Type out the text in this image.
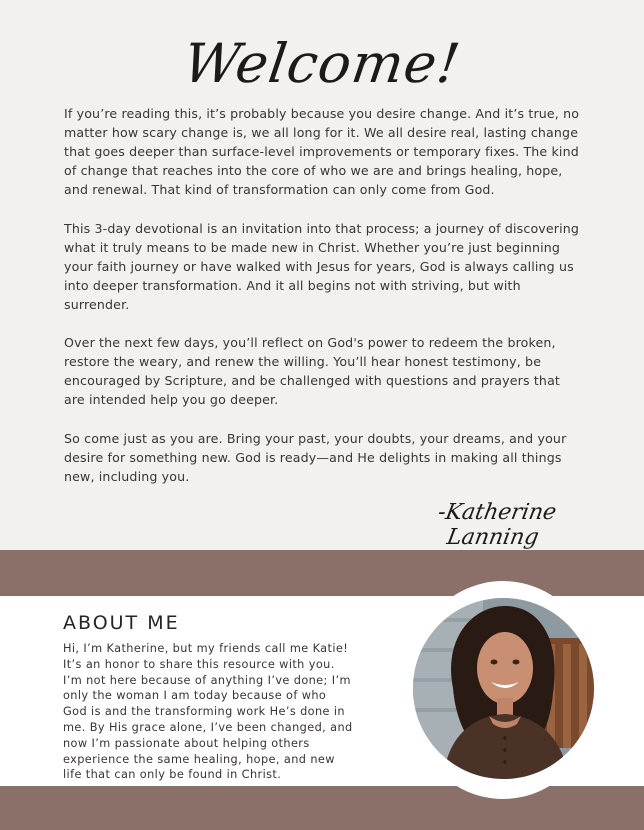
Welcome!

If you’re reading this, it’s probably because you desire change. And it’s true, no matter how scary change is, we all long for it. We all desire real, lasting change that goes deeper than surface-level improvements or temporary fixes. The kind of change that reaches into the core of who we are and brings healing, hope, and renewal. That kind of transformation can only come from God.

This 3-day devotional is an invitation into that process; a journey of discovering what it truly means to be made new in Christ. Whether you’re just beginning your faith journey or have walked with Jesus for years, God is always calling us into deeper transformation. And it all begins not with striving, but with surrender.

Over the next few days, you’ll reflect on God's power to redeem the broken, restore the weary, and renew the willing. You’ll hear honest testimony, be encouraged by Scripture, and be challenged with questions and prayers that are intended help you go deeper.

So come just as you are. Bring your past, your doubts, your dreams, and your desire for something new. God is ready—and He delights in making all things new, including you.

-Katherine Lanning
ABOUT ME
Hi, I’m Katherine, but my friends call me Katie!
It’s an honor to share this resource with you.
I’m not here because of anything I’ve done; I’m
only the woman I am today because of who
God is and the transforming work He’s done in
me. By His grace alone, I’ve been changed, and
now I’m passionate about helping others
experience the same healing, hope, and new
life that can only be found in Christ.
